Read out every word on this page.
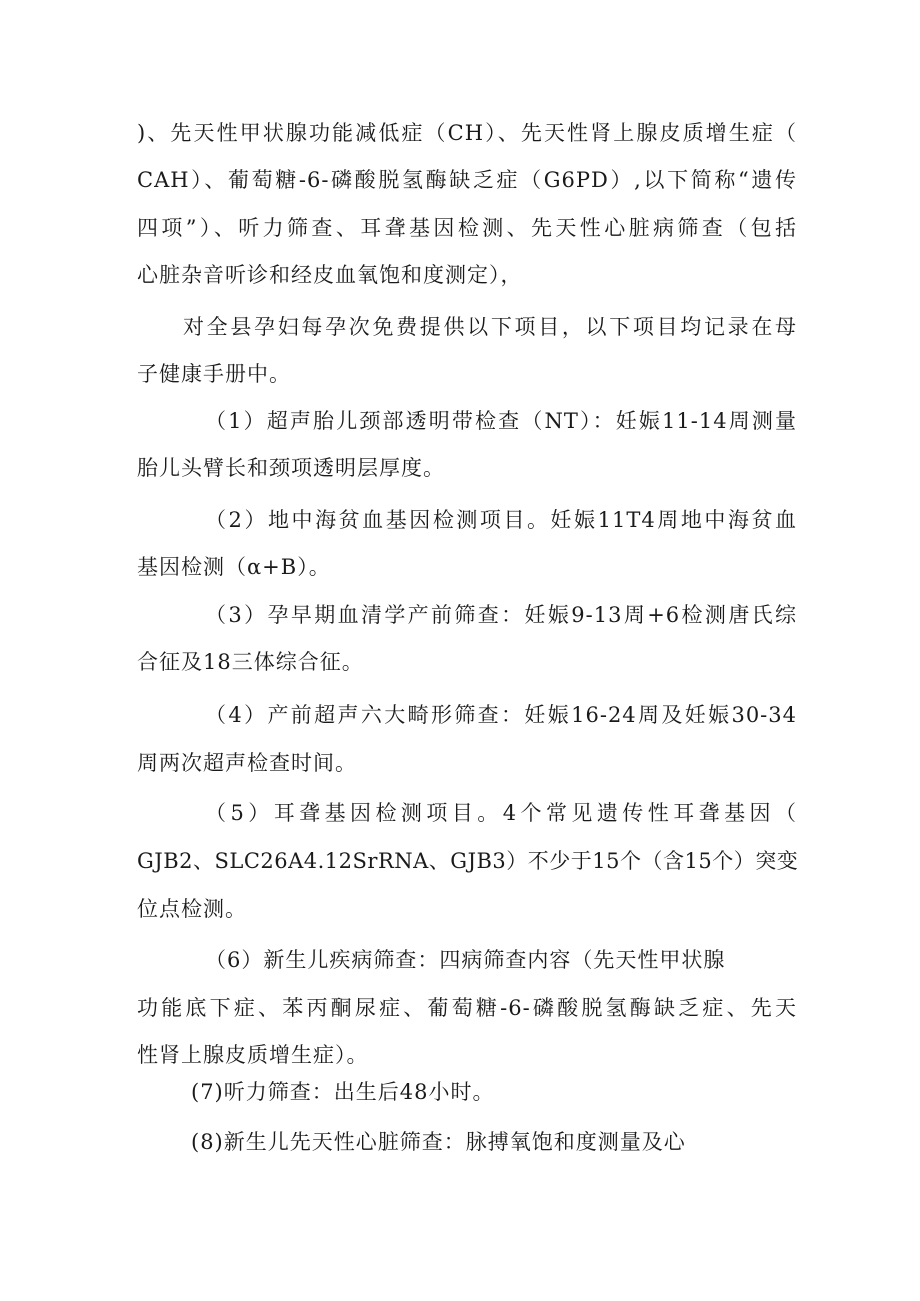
)、先天性甲状腺功能减低症（CH）、先天性肾上腺皮质增生症（
CAH）、葡萄糖-6-磷酸脱氢酶缺乏症（G6PD）,以下简称“遗传
四项”）、听力筛查、耳聋基因检测、先天性心脏病筛查（包括
心脏杂音听诊和经皮血氧饱和度测定），
对全县孕妇每孕次免费提供以下项目，以下项目均记录在母
子健康手册中。
（1）超声胎儿颈部透明带检查（NT）：妊娠11-14周测量
胎儿头臂长和颈项透明层厚度。
（2）地中海贫血基因检测项目。妊娠11T4周地中海贫血
基因检测（α+B）。
（3）孕早期血清学产前筛查：妊娠9-13周+6检测唐氏综
合征及18三体综合征。
（4）产前超声六大畸形筛查：妊娠16-24周及妊娠30-34
周两次超声检查时间。
（5）耳聋基因检测项目。4个常见遗传性耳聋基因（
GJB2、SLC26A4.12SrRNA、GJB3）不少于15个（含15个）突变
位点检测。
（6）新生儿疾病筛查：四病筛查内容（先天性甲状腺
功能底下症、苯丙酮尿症、葡萄糖-6-磷酸脱氢酶缺乏症、先天
性肾上腺皮质增生症）。
(7)听力筛查：出生后48小时。
(8)新生儿先天性心脏筛查：脉搏氧饱和度测量及心
